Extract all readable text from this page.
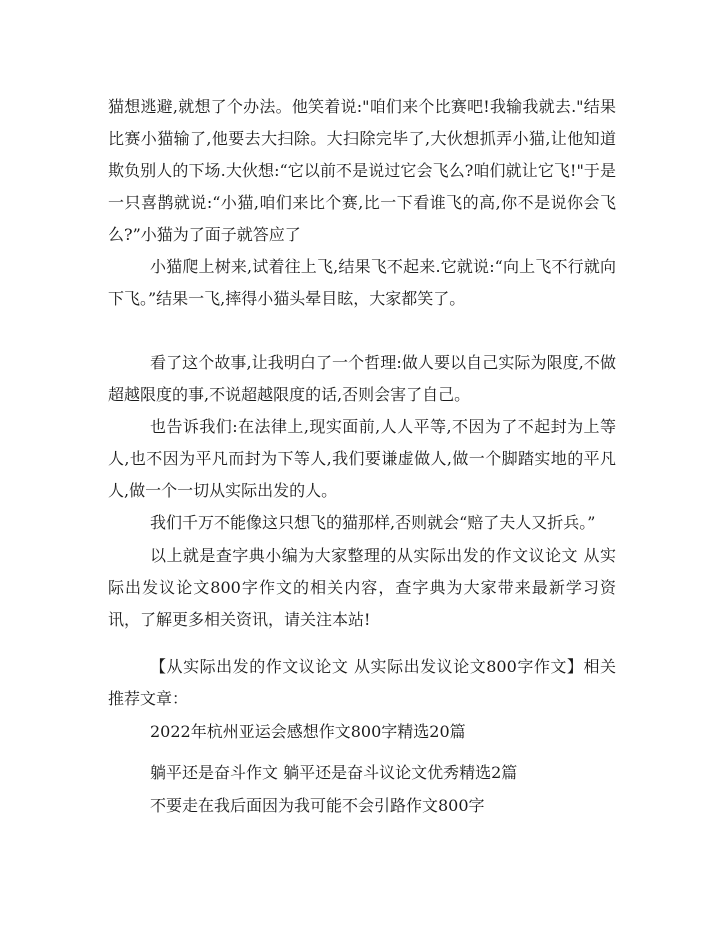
猫想逃避,就想了个办法。他笑着说:"咱们来个比赛吧!我输我就去."结果比赛小猫输了,他要去大扫除。大扫除完毕了,大伙想抓弄小猫,让他知道欺负别人的下场.大伙想:“它以前不是说过它会飞么?咱们就让它飞!"于是一只喜鹊就说:“小猫,咱们来比个赛,比一下看谁飞的高,你不是说你会飞么?”小猫为了面子就答应了

小猫爬上树来,试着往上飞,结果飞不起来.它就说:“向上飞不行就向下飞。”结果一飞,摔得小猫头晕目眩，大家都笑了。

看了这个故事,让我明白了一个哲理:做人要以自己实际为限度,不做超越限度的事,不说超越限度的话,否则会害了自己。

也告诉我们:在法律上,现实面前,人人平等,不因为了不起封为上等人,也不因为平凡而封为下等人,我们要谦虚做人,做一个脚踏实地的平凡人,做一个一切从实际出发的人。

我们千万不能像这只想飞的猫那样,否则就会“赔了夫人又折兵。”

以上就是查字典小编为大家整理的从实际出发的作文议论文 从实际出发议论文800字作文的相关内容，查字典为大家带来最新学习资讯，了解更多相关资讯，请关注本站!

【从实际出发的作文议论文 从实际出发议论文800字作文】相关推荐文章：

2022年杭州亚运会感想作文800字精选20篇

躺平还是奋斗作文 躺平还是奋斗议论文优秀精选2篇

不要走在我后面因为我可能不会引路作文800字
